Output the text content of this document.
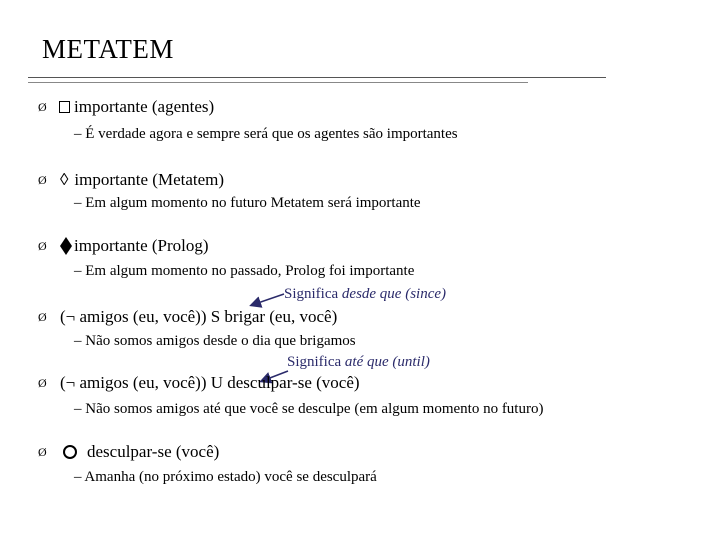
METATEM
Ø	importante (agentes)
– É verdade agora e sempre será que os agentes são importantes
Ø ◊ importante (Metatem)
– Em algum momento no futuro Metatem será importante
Ø	importante (Prolog)
– Em algum momento no passado, Prolog foi importante
Significa desde que (since)
Ø (¬ amigos (eu, você)) S brigar (eu, você)
– Não somos amigos desde o dia que brigamos
Significa até que (until)
Ø (¬ amigos (eu, você)) U desculpar-se (você)
– Não somos amigos até que você se desculpe (em algum momento no futuro)
Ø	desculpar-se (você)
– Amanha (no próximo estado) você se desculpará
